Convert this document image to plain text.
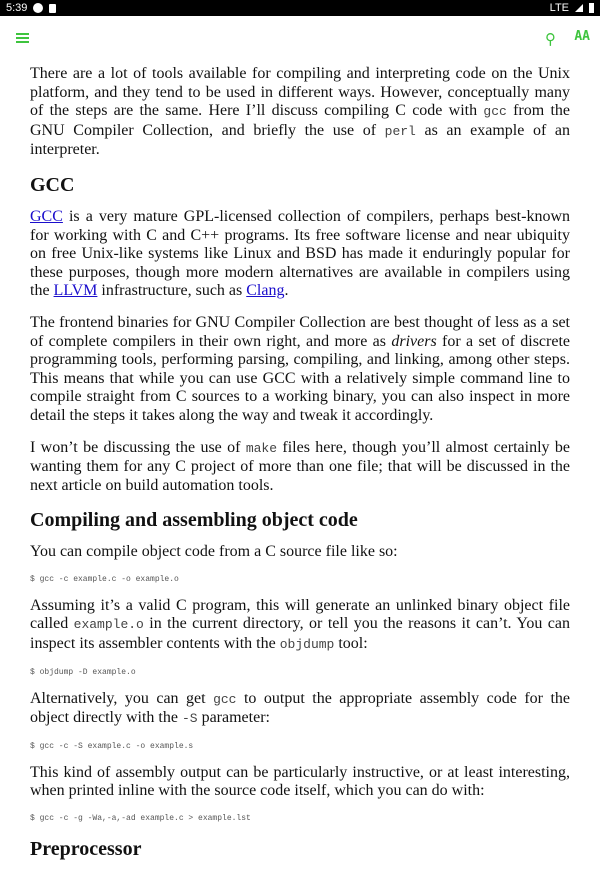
5:39	LTE
⚲ AA

There are a lot of tools available for compiling and interpreting code on the Unix platform, and they tend to be used in different ways. However, conceptually many of the steps are the same. Here I’ll discuss compiling C code with gcc from the GNU Compiler Collection, and briefly the use of perl as an example of an interpreter.

GCC

GCC is a very mature GPL-licensed collection of compilers, perhaps best-known for working with C and C++ programs. Its free software license and near ubiquity on free Unix-like systems like Linux and BSD has made it enduringly popular for these purposes, though more modern alternatives are available in compilers using the LLVM infrastructure, such as Clang.

The frontend binaries for GNU Compiler Collection are best thought of less as a set of complete compilers in their own right, and more as drivers for a set of discrete programming tools, performing parsing, compiling, and linking, among other steps. This means that while you can use GCC with a relatively simple command line to compile straight from C sources to a working binary, you can also inspect in more detail the steps it takes along the way and tweak it accordingly.

I won’t be discussing the use of make files here, though you’ll almost certainly be wanting them for any C project of more than one file; that will be discussed in the next article on build automation tools.

Compiling and assembling object code

You can compile object code from a C source file like so:

$ gcc -c example.c -o example.o

Assuming it’s a valid C program, this will generate an unlinked binary object file called example.o in the current directory, or tell you the reasons it can’t. You can inspect its assembler contents with the objdump tool:

$ objdump -D example.o

Alternatively, you can get gcc to output the appropriate assembly code for the object directly with the -S parameter:

$ gcc -c -S example.c -o example.s

This kind of assembly output can be particularly instructive, or at least interesting, when printed inline with the source code itself, which you can do with:

$ gcc -c -g -Wa,-a,-ad example.c > example.lst
Preprocessor
